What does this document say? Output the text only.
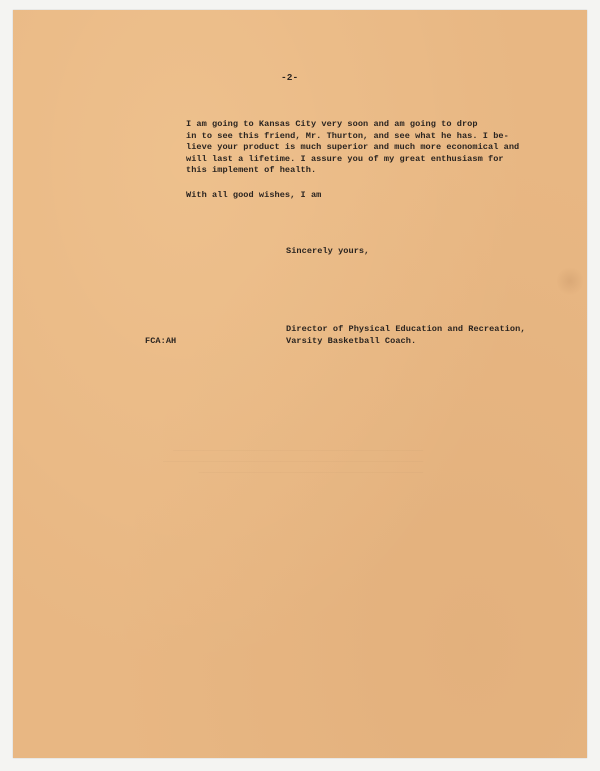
‾‾‾‾‾‾‾‾‾‾‾‾‾‾‾‾‾‾‾‾‾‾‾‾‾‾‾‾‾‾‾‾‾‾‾‾‾‾‾‾‾‾‾‾‾‾‾‾‾
‾‾‾‾‾‾‾‾‾‾‾‾‾‾‾‾‾‾‾‾‾‾‾‾‾‾‾‾‾‾‾‾‾‾‾‾‾‾‾‾‾‾‾‾‾‾‾‾‾‾‾
‾‾‾‾‾‾‾‾‾‾‾‾‾‾‾‾‾‾‾‾‾‾‾‾‾‾‾‾‾‾‾‾‾‾‾‾‾‾‾‾‾‾‾‾
-2-
I am going to Kansas City very soon and am going to drop
in to see this friend, Mr. Thurton, and see what he has. I be-
lieve your product is much superior and much more economical and
will last a lifetime. I assure you of my great enthusiasm for
this implement of health.
With all good wishes, I am
Sincerely yours,
FCA:AH
Director of Physical Education and Recreation,
Varsity Basketball Coach.
